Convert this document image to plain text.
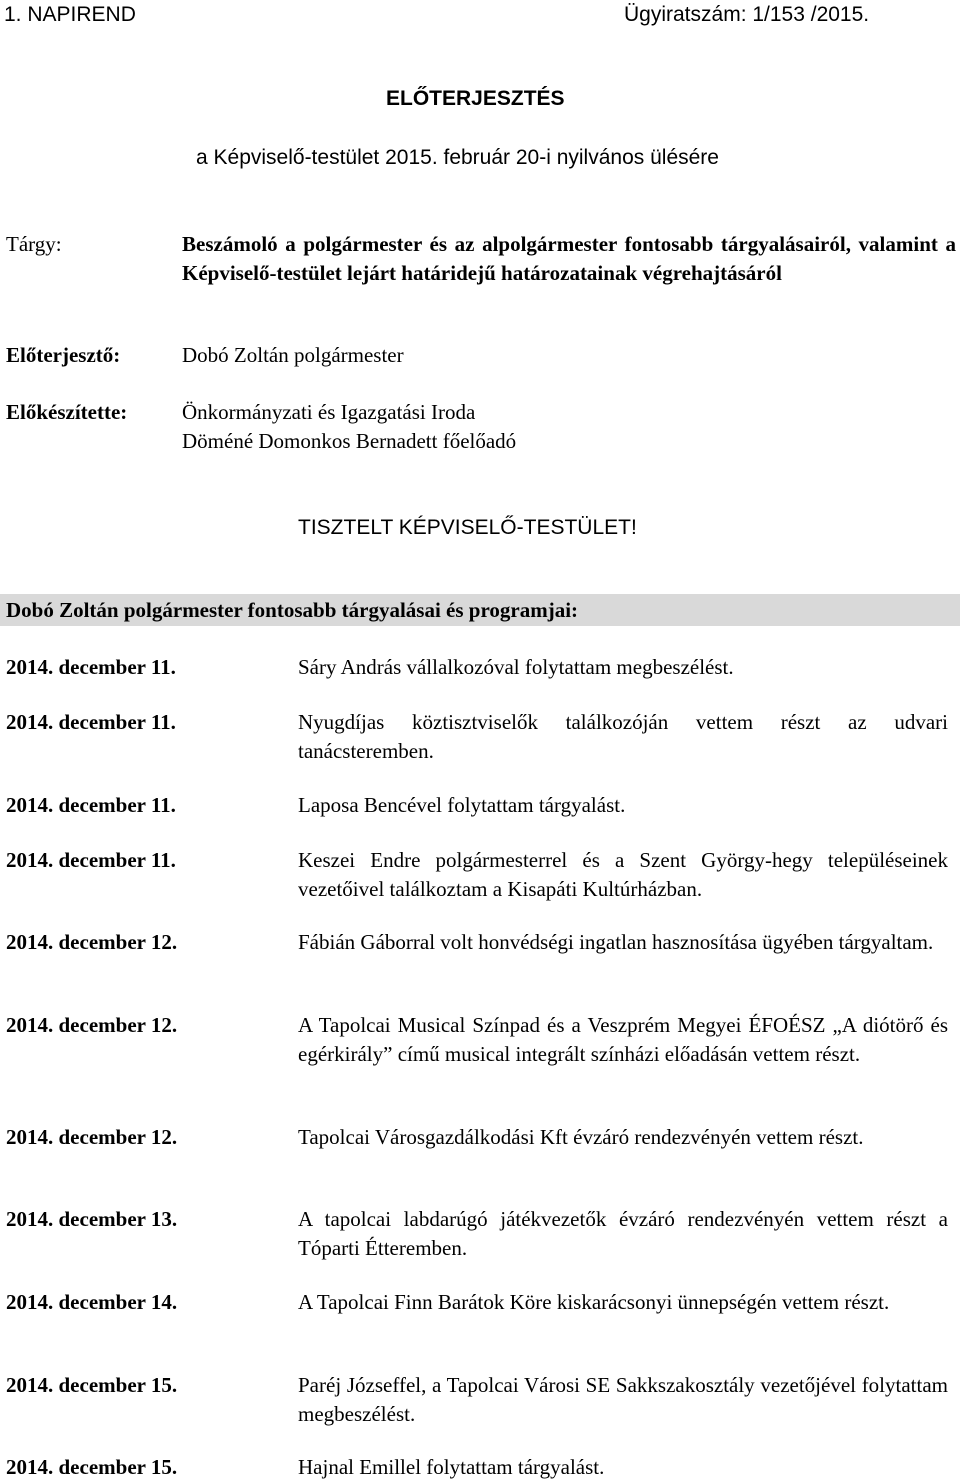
1. NAPIREND	Ügyiratszám: 1/153 /2015.
ELŐTERJESZTÉS
a Képviselő-testület 2015. február 20-i nyilvános ülésére
Tárgy:	Beszámoló a polgármester és az alpolgármester fontosabb tárgyalásairól, valamint a Képviselő-testület lejárt határidejű határozatainak végrehajtásáról
Előterjesztő:	Dobó Zoltán polgármester
Előkészítette:	Önkormányzati és Igazgatási Iroda
Döméné Domonkos Bernadett főelőadó
TISZTELT KÉPVISELŐ-TESTÜLET!
Dobó Zoltán polgármester fontosabb tárgyalásai és programjai:
2014. december 11.	Sáry András vállalkozóval folytattam megbeszélést.
2014. december 11.	Nyugdíjas köztisztviselők találkozóján vettem részt az udvari tanácsteremben.
2014. december 11.	Laposa Bencével folytattam tárgyalást.
2014. december 11.	Keszei Endre polgármesterrel és a Szent György-hegy településeinek vezetőivel találkoztam a Kisapáti Kultúrházban.
2014. december 12.	Fábián Gáborral volt honvédségi ingatlan hasznosítása ügyében tárgyaltam.
2014. december 12.	A Tapolcai Musical Színpad és a Veszprém Megyei ÉFOÉSZ „A diótörő és egérkirály” című musical integrált színházi előadásán vettem részt.
2014. december 12.	Tapolcai Városgazdálkodási Kft évzáró rendezvényén vettem részt.
2014. december 13.	A tapolcai labdarúgó játékvezetők évzáró rendezvényén vettem részt a Tóparti Étteremben.
2014. december 14.	A Tapolcai Finn Barátok Köre kiskarácsonyi ünnepségén vettem részt.
2014. december 15.	Paréj Józseffel, a Tapolcai Városi SE Sakkszakosztály vezetőjével folytattam megbeszélést.
2014. december 15.	Hajnal Emillel folytattam tárgyalást.
